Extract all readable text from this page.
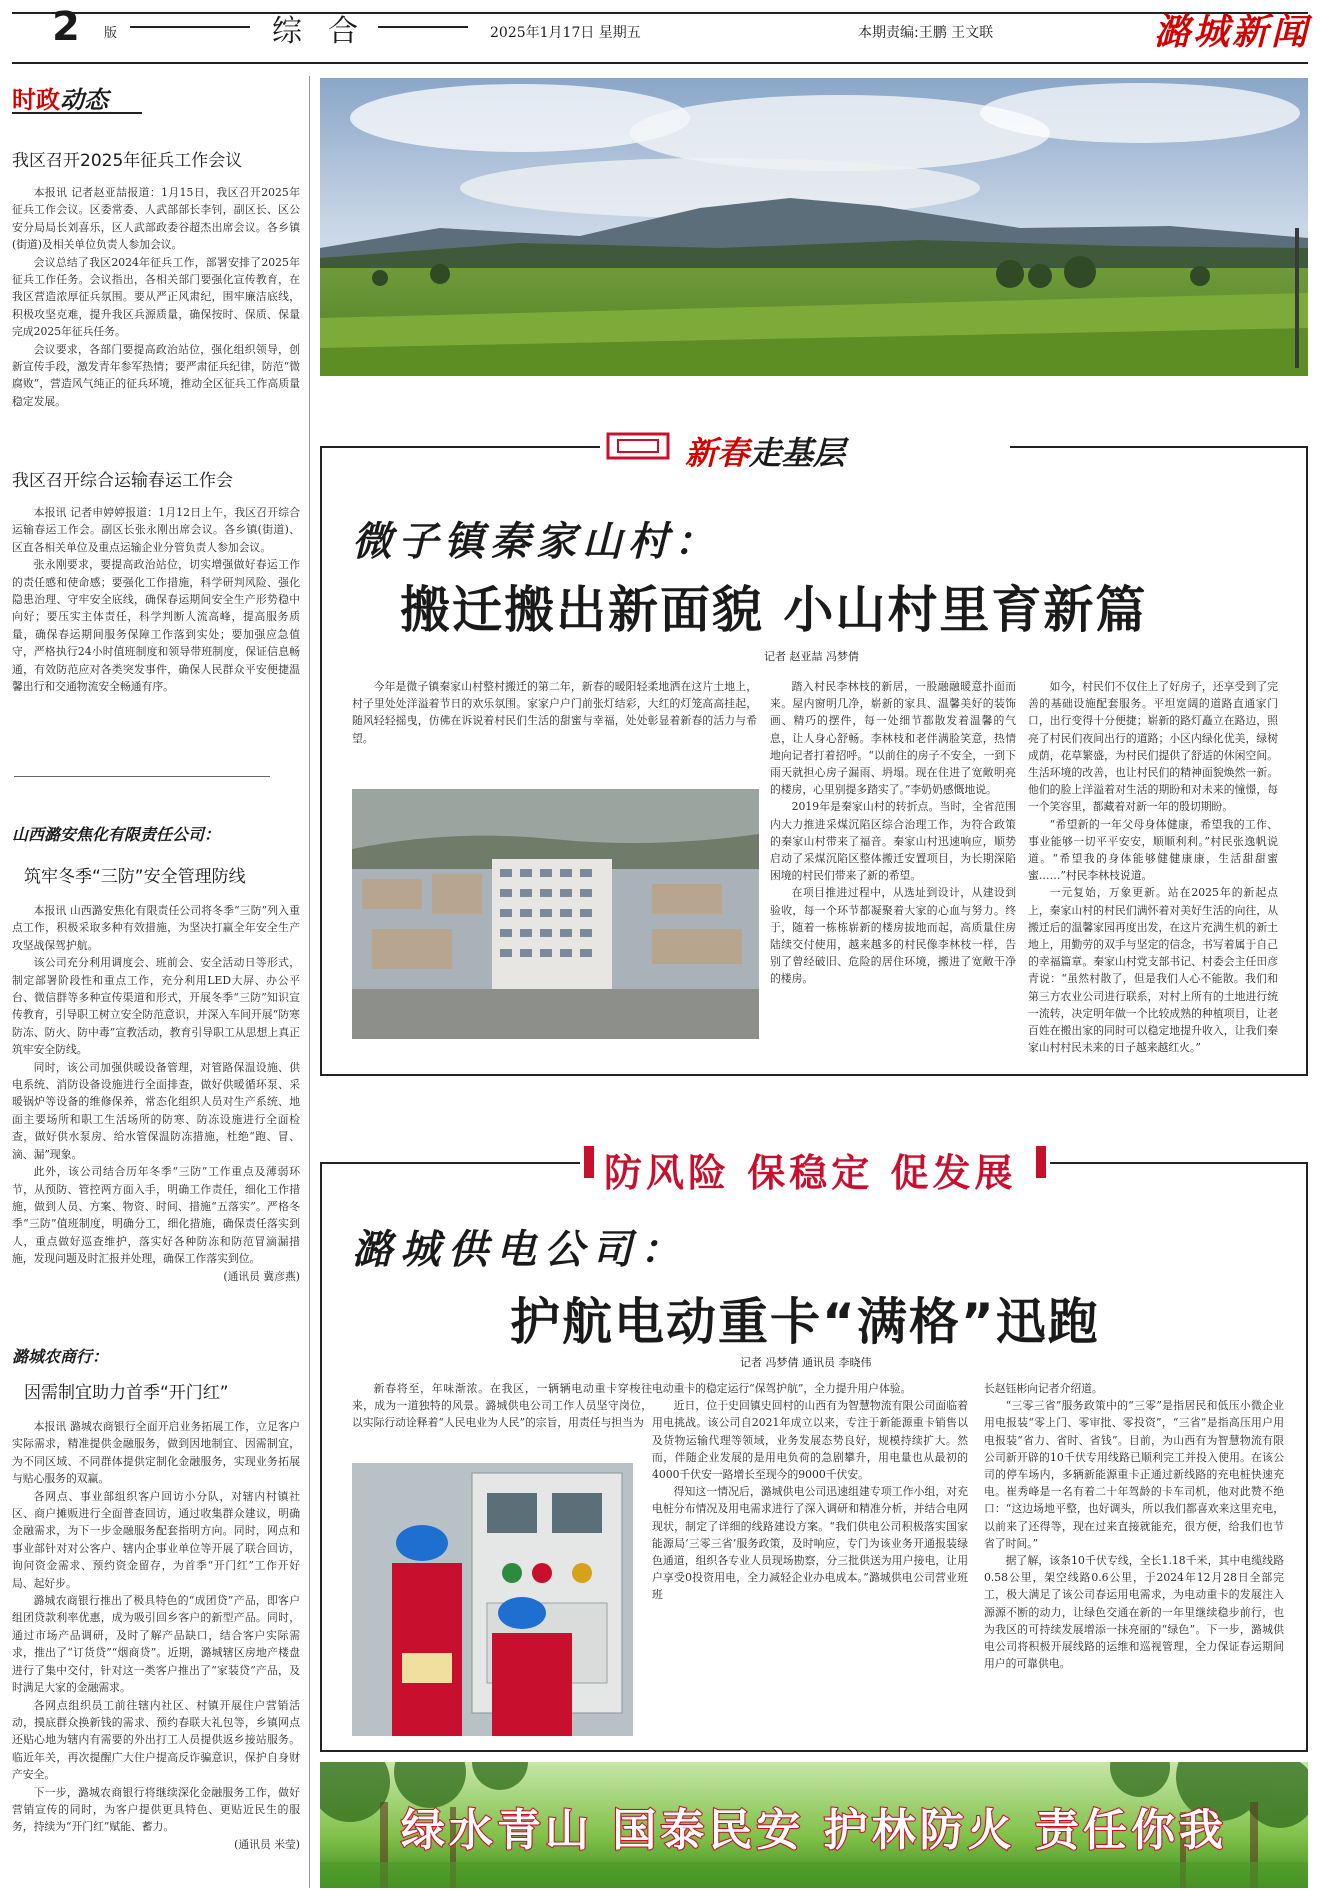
2 版	综合	2025年1月17日 星期五	本期责编:王鹏 王文联	潞城新闻
时政动态
我区召开2025年征兵工作会议

本报讯 记者赵亚喆报道：1月15日，我区召开2025年征兵工作会议。区委常委、人武部部长李钊，副区长、区公安分局局长刘喜乐，区人武部政委谷超杰出席会议。各乡镇(街道)及相关单位负责人参加会议。

会议总结了我区2024年征兵工作，部署安排了2025年征兵工作任务。会议指出，各相关部门要强化宣传教育，在我区营造浓厚征兵氛围。要从严正风肃纪，围牢廉洁底线，积极攻坚克难，提升我区兵源质量，确保按时、保质、保量完成2025年征兵任务。

会议要求，各部门要提高政治站位，强化组织领导，创新宣传手段，激发青年参军热情；要严肃征兵纪律，防范“微腐败”，营造风气纯正的征兵环境，推动全区征兵工作高质量稳定发展。

我区召开综合运输春运工作会

本报讯 记者申婷婷报道：1月12日上午，我区召开综合运输春运工作会。副区长张永刚出席会议。各乡镇(街道)、区直各相关单位及重点运输企业分管负责人参加会议。

张永刚要求，要提高政治站位，切实增强做好春运工作的责任感和使命感；要强化工作措施，科学研判风险、强化隐患治理、守牢安全底线，确保春运期间安全生产形势稳中向好；要压实主体责任，科学判断人流高峰，提高服务质量，确保春运期间服务保障工作落到实处；要加强应急值守，严格执行24小时值班制度和领导带班制度，保证信息畅通，有效防范应对各类突发事件，确保人民群众平安便捷温馨出行和交通物流安全畅通有序。

山西潞安焦化有限责任公司：
筑牢冬季“三防”安全管理防线

本报讯 山西潞安焦化有限责任公司将冬季“三防”列入重点工作，积极采取多种有效措施，为坚决打赢全年安全生产攻坚战保驾护航。

该公司充分利用调度会、班前会、安全活动日等形式，制定部署阶段性和重点工作，充分利用LED大屏、办公平台、微信群等多种宣传渠道和形式，开展冬季“三防”知识宣传教育，引导职工树立安全防范意识，并深入车间开展“防寒防冻、防火、防中毒”宣教活动，教育引导职工从思想上真正筑牢安全防线。

同时，该公司加强供暖设备管理，对管路保温设施、供电系统、消防设备设施进行全面排查，做好供暖循环泵、采暖锅炉等设备的维修保养，常态化组织人员对生产系统、地面主要场所和职工生活场所的防寒、防冻设施进行全面检查，做好供水泵房、给水管保温防冻措施，杜绝“跑、冒、滴、漏”现象。

此外，该公司结合历年冬季“三防”工作重点及薄弱环节，从预防、管控两方面入手，明确工作责任，细化工作措施，做到人员、方案、物资、时间、措施“五落实”。严格冬季“三防”值班制度，明确分工，细化措施，确保责任落实到人，重点做好巡查维护，落实好各种防冻和防范冒滴漏措施，发现问题及时汇报并处理，确保工作落实到位。

(通讯员 冀彦燕)

潞城农商行：
因需制宜助力首季“开门红”

本报讯 潞城农商银行全面开启业务拓展工作，立足客户实际需求，精准提供金融服务，做到因地制宜、因需制宜，为不同区域、不同群体提供定制化金融服务，实现业务拓展与贴心服务的双赢。

各网点、事业部组织客户回访小分队，对辖内村镇社区、商户摊贩进行全面普查回访，通过收集群众建议，明确金融需求，为下一步金融服务配套指明方向。同时，网点和事业部针对对公客户、辖内企事业单位等开展了联合回访，询问资金需求、预约资金留存，为首季“开门红”工作开好局、起好步。

潞城农商银行推出了极具特色的“成团贷”产品，即客户组团贷款利率优惠，成为吸引回乡客户的新型产品。同时，通过市场产品调研，及时了解产品缺口，结合客户实际需求，推出了“订货贷”“烟商贷”。近期，潞城辖区房地产楼盘进行了集中交付，针对这一类客户推出了“家装贷”产品，及时满足大家的金融需求。

各网点组织员工前往辖内社区、村镇开展住户营销活动，摸底群众换新钱的需求、预约春联大礼包等，乡镇网点还贴心地为辖内有需要的外出打工人员提供返乡接站服务。临近年关，再次提醒广大住户提高反诈骗意识，保护自身财产安全。

下一步，潞城农商银行将继续深化金融服务工作，做好营销宣传的同时，为客户提供更具特色、更贴近民生的服务，持续为“开门红”赋能、蓄力。

(通讯员 米莹)

新春走基层
微子镇秦家山村：
搬迁搬出新面貌 小山村里育新篇
记者 赵亚喆 冯梦倩

今年是微子镇秦家山村整村搬迁的第二年，新春的暖阳轻柔地洒在这片土地上，村子里处处洋溢着节日的欢乐氛围。家家户户门前张灯结彩，大红的灯笼高高挂起，随风轻轻摇曳，仿佛在诉说着村民们生活的甜蜜与幸福，处处彰显着新春的活力与希望。

踏入村民李林枝的新居，一股融融暖意扑面而来。屋内窗明几净，崭新的家具、温馨美好的装饰画、精巧的摆件，每一处细节都散发着温馨的气息，让人身心舒畅。李林枝和老伴满脸笑意，热情地向记者打着招呼。“以前住的房子不安全，一到下雨天就担心房子漏雨、坍塌。现在住进了宽敞明亮的楼房，心里别提多踏实了。”李奶奶感慨地说。

2019年是秦家山村的转折点。当时，全省范围内大力推进采煤沉陷区综合治理工作，为符合政策的秦家山村带来了福音。秦家山村迅速响应，顺势启动了采煤沉陷区整体搬迁安置项目，为长期深陷困境的村民们带来了新的希望。

在项目推进过程中，从选址到设计，从建设到验收，每一个环节都凝聚着大家的心血与努力。终于，随着一栋栋崭新的楼房拔地而起，高质量住房陆续交付使用，越来越多的村民像李林枝一样，告别了曾经破旧、危险的居住环境，搬进了宽敞干净的楼房。

如今，村民们不仅住上了好房子，还享受到了完善的基础设施配套服务。平坦宽阔的道路直通家门口，出行变得十分便捷；崭新的路灯矗立在路边，照亮了村民们夜间出行的道路；小区内绿化优美，绿树成荫，花草繁盛，为村民们提供了舒适的休闲空间。生活环境的改善，也让村民们的精神面貌焕然一新。他们的脸上洋溢着对生活的期盼和对未来的憧憬，每一个笑容里，都藏着对新一年的殷切期盼。

“希望新的一年父母身体健康，希望我的工作、事业能够一切平平安安，顺顺利利。”村民张逸帆说道。“希望我的身体能够健健康康，生活甜甜蜜蜜……”村民李林枝说道。

一元复始，万象更新。站在2025年的新起点上，秦家山村的村民们满怀着对美好生活的向往，从搬迁后的温馨家园再度出发，在这片充满生机的新土地上，用勤劳的双手与坚定的信念，书写着属于自己的幸福篇章。秦家山村党支部书记、村委会主任田彦青说：“虽然村散了，但是我们人心不能散。我们和第三方农业公司进行联系，对村上所有的土地进行统一流转，决定明年做一个比较成熟的种植项目，让老百姓在搬出家的同时可以稳定地提升收入，让我们秦家山村村民未来的日子越来越红火。”

防风险 保稳定 促发展
潞城供电公司：
护航电动重卡“满格”迅跑
记者 冯梦倩 通讯员 李晓伟

新春将至，年味渐浓。在我区，一辆辆电动重卡穿梭往来，成为一道独特的风景。潞城供电公司工作人员坚守岗位，以实际行动诠释着“人民电业为人民”的宗旨，用责任与担当为

电动重卡的稳定运行“保驾护航”，全力提升用户体验。

近日，位于史回镇史回村的山西有为智慧物流有限公司面临着用电挑战。该公司自2021年成立以来，专注于新能源重卡销售以及货物运输代理等领域，业务发展态势良好，规模持续扩大。然而，伴随企业发展的是用电负荷的急剧攀升，用电量也从最初的4000千伏安一路增长至现今的9000千伏安。

得知这一情况后，潞城供电公司迅速组建专项工作小组，对充电桩分布情况及用电需求进行了深入调研和精准分析，并结合电网现状，制定了详细的线路建设方案。“我们供电公司积极落实国家能源局‘三零三省’服务政策，及时响应，专门为该业务开通报装绿色通道，组织各专业人员现场勘察，分三批供送为用户接电，让用户享受0投资用电，全力减轻企业办电成本。”潞城供电公司营业班班

长赵钰彬向记者介绍道。

“三零三省”服务政策中的“三零”是指居民和低压小微企业用电报装“零上门、零审批、零投资”，“三省”是指高压用户用电报装“省力、省时、省钱”。目前，为山西有为智慧物流有限公司新开辟的10千伏专用线路已顺利完工并投入使用。在该公司的停车场内，多辆新能源重卡正通过新线路的充电桩快速充电。崔秀峰是一名有着二十年驾龄的卡车司机，他对此赞不绝口：“这边场地平整，也好调头，所以我们都喜欢来这里充电，以前来了还得等，现在过来直接就能充，很方便，给我们也节省了时间。”

据了解，该条10千伏专线，全长1.18千米，其中电缆线路0.58公里，架空线路0.6公里，于2024年12月28日全部完工，极大满足了该公司春运用电需求，为电动重卡的发展注入源源不断的动力，让绿色交通在新的一年里继续稳步前行，也为我区的可持续发展增添一抹亮丽的“绿色”。下一步，潞城供电公司将积极开展线路的运维和巡视管理，全力保证春运期间用户的可靠供电。

绿水青山 国泰民安 护林防火 责任你我
